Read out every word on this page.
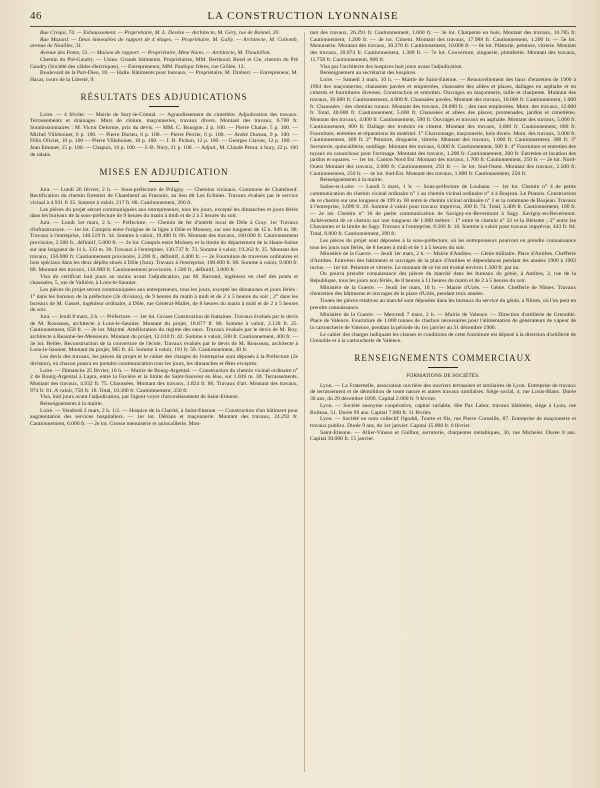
46	LA CONSTRUCTION LYONNAISE

Rue Créqui, 74. — Exhaussement. — Propriétaire, M. L. Devèze — Architecte, M. Géry, rue de Bonnel, 20.

Rue Mazard. — Deux immeubles de rapport de 4 étages. — Propriétaire, M. Gally. — Architecte, M. Collomb, avenue de Noailles, 31.

Avenue des Ponts, 51. — Maison de rapport. — Propriétaire, Mme Nann. — Architecte, M. Thoubillon.

Chemin du Pré-Gaudry. — Usine. Grands bâtiments. Propriétaires, MM. Berthoud, Borel et Cie, chemin du Pré Gaudry (Société des câbles électriques). — Entrepreneurs, MM. Pauliquc frères, rue Grôlée, 13.

Boulevard de la Part-Dieu, 18. — Halle. Bâtiments pour bureaux. — Propriétaire, M. Drobert. — Entrepreneur, M. Hacar, cours de la Liberté, 9.

RÉSULTATS DES ADJUDICATIONS

Loire. — 4 février. — Mairie de Sury-le-Comtal. — Agrandissement du cimetière. Adjudication des travaux. Terrassements et drainages. Murs de clôture, maçonneries, travaux divers. Montant des travaux, 6.700 fr. Soumissionnaires : M. Victor Delorme, prix du devis. — MM. C. Bourgne, 2 p. 100. — Pierre Chaize, 5 p. 100. — Michel Villeboinet, 6 p. 100. — Pierre Durieu, 6 p. 100. — Pierre Perrier, 6 p. 100. — André Dureau, 9 p. 100. — Félix Olivier, 10 p. 100 — Pierre Villeboinet, 10 p. 100. — J. B. Pichon, 12 p. 100. — Georges Clavier, 12 p. 100. — Jean Emonet, 15 p. 100. — Chapuis, 16 p. 100. — J.-B. Nury, 21 p. 100. — Adjud., M. Claude Penot, à Sury, 22 p. 100 de rabais.

MISES EN ADJUDICATION

Jura. — Lundi 26 février, 2 h. — Sous-préfecture de Poligny. — Chemins vicinaux. Commune de Chatelneuf. Rectification du chemin forestier de Chatelneuf au Frasnois, au lieu dit Les Echines. Travaux évalués par le service vicinal à 4.931 fr 25. Somme à valoir, 217 fr. 88. Cautionnement, 200 fr.

Les pièces du projet seront communiquées aux entrepreneurs, tous les jours, excepté les dimanches et jours fériés dans les bureaux de la sous-préfecture de 9 heures du matin à midi et de 2 à 5 heures du soir.

Jura. — Lundi 1er mars, 2 h. — Préfecture. — Chemin de fer d'intérêt local de Dôle à Gray. 1er Travaux d'infrastructure. — 1er lot. Compris entre l'origine de la ligne à Dôle et Moissey, sur une longueur de 15 k. 949 m. 98. Travaux à l'entreprise, 140.519 fr. 34. Somme à valoir, 19.480 fr. 66. Montant des travaux, 160.000 fr. Cautionnement provisoire, 2.500 fr., définitif, 5.000 fr. — 2e lot. Compris entre Moissey et la limite du département de la Haute-Saône sur une longueur de 11 k. 333 m. 30. Travaux à l'entreprise, 130.737 fr. 73. Somme à valoir, 19.262 fr. 25. Montant des travaux, 150.000 fr. Cautionnement provisoire, 2.200 fr., définitif, 4.400 fr. — 2e Fourniture de traverses ordinaires et bois spéciaux dans les deux dépôts situés à Dôle (Jura). Travaux à l'entreprise, 100.000 fr. 00. Somme à valoir, 9.000 fr. 80. Montant des travaux, 110.000 fr. Cautionnement provisoire, 1.500 fr., définitif, 3.000 fr.

Visa du certificat huit jours au moins avant l'adjudication, par M. Barrand, ingénieur en chef des ponts et chaussées, 5, rue de Vallière, à Lons-le-Saunier.

Les pièces du projet seront communiquées aux entrepreneurs, tous les jours, excepté les dimanches et jours fériés : 1° dans les bureaux de la préfecture (2e division), de 9 heures du matin à midi et de 2 à 5 heures du soir ; 2° dans les bureaux de M. Gassel, ingénieur ordinaire, à Dôle, rue Général-Mallet, de 8 heures du matin à midi et de 2 à 5 heures du soir.

Jura. — Jeudi 8 mars, 2 h. — Préfecture. — 1er lot. Grosse Construction de fontaines. Travaux évalués par le devis de M. Rousseau, architecte à Lons-le-Saunier. Montant du projet, 18.877 fr. 80. Somme à valoir, 2.128 fr. 25. Cautionnement, 650 fr. — 2e lot. Maymé. Amélioration du régime des eaux. Travaux évalués par le devis de M. Roy, architecte à Beaume-les-Messieurs. Montant du projet, 12.010 fr. 42. Somme à valoir, 500 fr. Cautionnement, 400 fr. — 3e lot. Bellée. Reconstruction de la couverture de l'école. Travaux évalués par le devis de M. Rousseau, architecte à Lons-le-Saunier. Montant du projet, 985 fr. 45. Somme à valoir, 191 fr. 50. Cautionnement, 30 fr.

Les devis des travaux, les pièces du projet et le cahier des charges de l'entreprise sont déposés à la Préfecture (2e division), où chacun pourra en prendre communication tous les jours, les dimanches et fêtes exceptés.

Loire. — Dimanche 25 février, 10 h. — Mairie de Bourg-Argental. — Construction du chemin vicinal ordinaire n° 2 de Bourg-Argental à Lapra, entre la Favière et la limite de Saint-Sauveur en Rue, sur 1.026 m. 30. Terrassements. Montant des travaux, 4.932 fr. 75. Chaussées. Montant des travaux, 3.824 fr. 86. Travaux d'art. Montant des travaux, 974 fr. 81. A valoir, 750 fr. 18. Total, 10.300 fr. Cautionnement, 350 fr.

Visa, huit jours avant l'adjudication, par l'agent-voyer d'arrondissement de Saint-Etienne.

Renseignements à la mairie.

Loire. — Vendredi 2 mars, 2 h. 1/2. — Hospice de la Charité, à Saint-Etienne. — Construction d'un bâtiment pour augmentation des services hospitaliers. — 1er lot. Déblais et maçonnerie. Montant des travaux, 24.292 fr. Cautionnement, 6.000 fr. — 2e lot. Grosse menuiserie et quincaillerie. Mon-

tant des travaux, 26.291 fr. Cautionnement, 1.000 fr. — 3e lot. Charpente en bois. Montant des travaux, 16.785 fr. Cautionnement, 1.200 fr. — 4e lot. Ciment. Montant des travaux, 17.988 fr. Cautionnement, 1.200 fr. — 5e lot. Menuiserie. Montant des travaux, 30.270 fr. Cautionnement, 10.000 fr. — 6e lot. Plâtrerie, peinture, vitrerie. Montant des travaux, 20.874 fr. Cautionnement, 1.300 fr. — 7e lot. Couverture, zinguerie, plomberie. Montant des travaux, 11.758 fr. Cautionnement, 800 fr.

Visa par l'architecte des hospices huit jours avant l'adjudication.

Renseignement au secrétariat des hospices.

Loire. — Samedi 3 mars, 10 h. — Mairie de Saint-Etienne. — Renouvellement des baux d'entretien de 1900 à 1904 des maçonneries, chaussées pavées et empierrées, chaussées des allées et places, dallages en asphalte et en ciments et fournitures diverses. Construction et entretien. Ouvrages en maçonnerie, taille et charpente. Montant des travaux, 30.000 fr. Cautionnement, 4.000 fr. Chaussées pavées. Montant des travaux, 10.000 fr. Cautionnement, 1.000 fr. Chaussées : des chemins ruraux. Montant des travaux, 28.000 fr. ; des rues empierrées. Mont. des travaux, 12.000 fr. Total, 40.000 fr. Cautionnement, 5.000 fr. Chaussées et allées des places, promenades, jardins et cimetières. Montant des travaux, 4.000 fr. Cautionnement, 500 fr. Ouvrages et travaux en asphalte. Montant des travaux, 5.000 fr. Cautionnement, 800 fr. Dallage des trottoirs en ciment. Montant des travaux, 3.000 fr. Cautionnement, 600 fr. Fourniture, entretien et réparations du matériel. 1° Charronnage, maçonnerie, bois divers. Mont. des travaux, 3.000 fr. Cautionnement, 400 fr. 2° Peinture, droguerie, vitrerie. Montant des travaux, 1.000 fr. Cautionnement, 300 fr. 3° Serrurerie, quincaillerie, outillage. Montant des travaux, 6.000 fr. Cautionnement, 500 fr. 4° Fourniture et entretien des tuyaux en caoutchouc pour l'arrosage. Montant des travaux, 1.200 fr. Cautionnement, 200 fr. Entretien et location des jardins et squares. — 1er lot. Canton Nord Est. Montant des travaux, 1.700 fr. Cautionnement, 250 fr. — 2e lot. Nord-Ouest Montant des travaux, 2.000 fr. Cautionnement, 250 fr. — 3e lot. Sud-Ouest. Montant des travaux, 2.500 fr. Cautionnement, 250 fr. — 4e lot. Sud-Est. Montant des travaux, 1.800 fr. Cautionnement, 250 fr.

Renseignements à la mairie.

Saône-et-Loire. — Lundi 5 mars, 1 h. — Sous-préfecture de Louhans. — 1er lot. Chemin n° 4 de petite communication du chemin vicinal ordinaire n° 1 au chemin vicinal ordinaire n° 4 à Bosjean. Le Planois. Construction de ce chemin sur une longueur de 199 m. 60 entre le chemin vicinal ordinaire n° 1 et la commune de Bosjean. Travaux à l'entreprise, 3.099 fr. 26. Somme à valoir pour travaux imprévus, 200 fr. 74. Total, 3.400 fr. Cautionnement, 100 fr. — 2e lot. Chemin n° 16 de petite communication de Savigny-en-Revermont à Sagy. Savigny-en-Revermont. Achèvement de ce chemin sur une longueur de 1.000 mètres : 1° entre le chemin n° 22 et la Blésotte ; 2° entre les Chavannes et la limite de Sagy. Travaux à l'entreprise, 8.266 fr. 16. Somme à valoir pour travaux imprévus, 443 fr. 84. Total, 8.800 fr. Cautionnement, 290 fr.

Les pièces du projet sont déposées à la sous-préfecture, où les entrepreneurs pourront en prendre connaissance tous les jours non fériés, de 8 heures à midi et de 1 à 5 heures du soir.

Ministère de la Guerre. — Jeudi 1er mars, 2 h. — Mairie d'Antibes. — Génie militaire. Place d'Antibes. Chefferie d'Antibes. Entretien des bâtiments et ouvrages de la place d'Antibes et dépendances pendant les années 1900 à 1902 inclus. — 1er lot. Peinture et vitrerie. Le montant de ce lot est évalué environ 1.500 fr. par an.

On pourra prendre connaissance des pièces du marché dans les bureaux du génie, à Antibes, 2, rue de la République, tous les jours non fériés, de 8 heures à 11 heures du matin et de 2 à 5 heures du soir.

Ministère de la Guerre. — Jeudi 1er mars, 10 h. — Mairie d'Uzès. — Génie. Chefferie de Nîmes. Travaux d'entretien des bâtiments et ouvrages de la place d'Uzès, pendant trois années.

Toutes les pièces relatives au marché sont déposées dans les bureaux du service du génie, à Nîmes, où l'on peut en prendre connaissance.

Ministère de la Guerre. — Mercredi 7 mars, 2 h. — Mairie de Valence. — Direction d'artillerie de Grenoble. Place de Valence. Fourniture de 1.000 tonnes de charbon nécessaires pour l'alimentation de générateurs de vapeur de la cartoucherie de Valence, pendant la période du 1er janvier au 31 décembre 1900.

Le cahier des charges indiquant les clauses et conditions de cette fourniture est déposé à la direction d'artillerie de Grenoble et à la cartoucherie de Valence.

RENSEIGNEMENTS COMMERCIAUX
FORMATIONS DE SOCIÉTÉS.

Lyon. — La Fraternelle, association ouvrière des ouvriers terrassiers et similaires de Lyon. Entreprise de travaux de terrassement et de démolition de toute nature et autres travaux similaires. Siège social, 4, rue Louis-Blanc. Durée 30 ans, du 29 décembre 1899. Capital 2.000 fr. 9 février.

Lyon. — Société anonyme coopérative, capital variable, dite Pax Labor, travaux bâtiment, siège à Lyon, rue Boileau, 51. Durée 99 ans. Capital 7.000 fr. 11 février.

Lyon. — Société en nom collectif Ogoddi, Tourte et fils, rue Pierre Corneille, 87. Entreprise de maçonnerie et travaux publics. Durée 9 ans, du 1er janvier. Capital 15.000 fr. 6 février.

Saint-Etienne. — Allier-Vinson et Guilhot, serrurerie, charpentes métalliques, 30, rue Michelet. Durée 8 ans. Capital 30.000 fr. 15 janvier.
